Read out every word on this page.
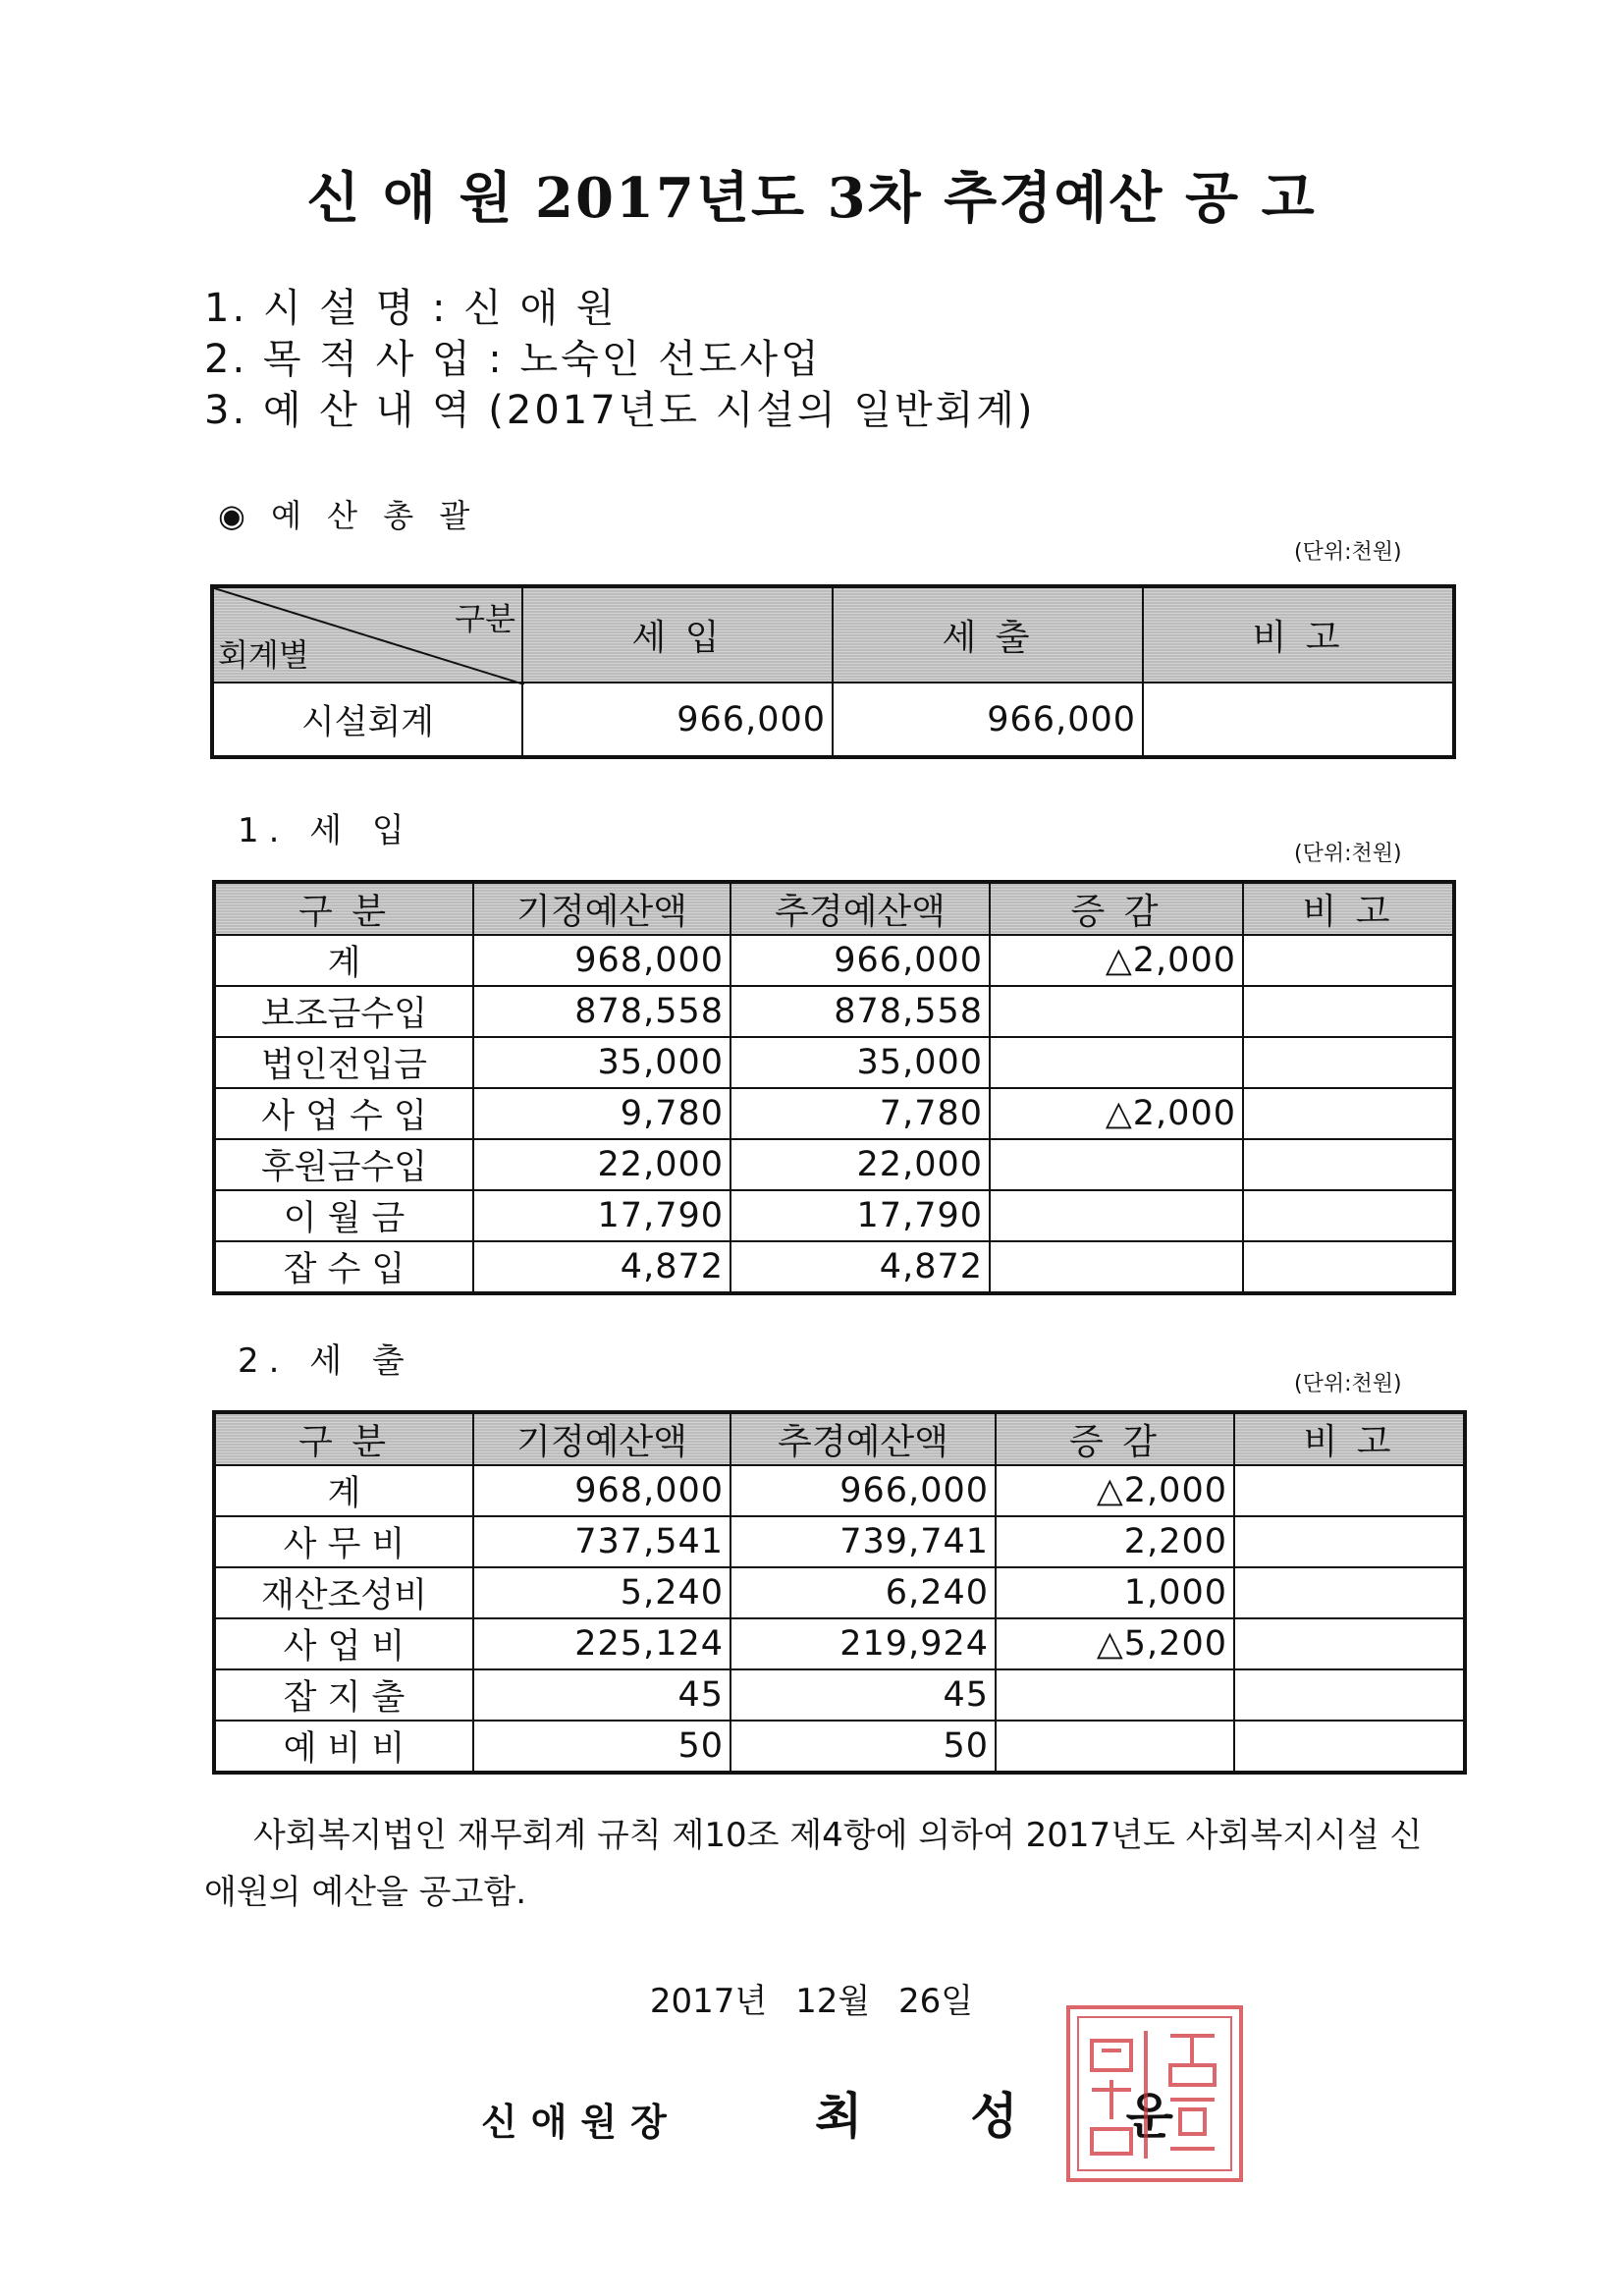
신 애 원 2017년도 3차 추경예산 공 고
1. 시 설 명 : 신 애 원
2. 목 적 사 업 : 노숙인 선도사업
3. 예 산 내 역 (2017년도 시설의 일반회계)
◉ 예 산 총 괄
(단위:천원)
구분
회계별	세 입	세 출	비 고
시설회계	966,000	966,000	
1. 세 입
(단위:천원)
구 분	기정예산액	추경예산액	증 감	비 고
계	968,000	966,000	△2,000	
보조금수입	878,558	878,558		
법인전입금	35,000	35,000		
사 업 수 입	9,780	7,780	△2,000	
후원금수입	22,000	22,000		
이 월 금	17,790	17,790		
잡 수 입	4,872	4,872		
2. 세 출
(단위:천원)
구 분	기정예산액	추경예산액	증 감	비 고
계	968,000	966,000	△2,000	
사 무 비	737,541	739,741	2,200	
재산조성비	5,240	6,240	1,000	
사 업 비	225,124	219,924	△5,200	
잡 지 출	45	45		
예 비 비	50	50		
사회복지법인 재무회계 규칙 제10조 제4항에 의하여 2017년도 사회복지시설 신애원의 예산을 공고함.
2017년 12월 26일
신애원장	최성운
